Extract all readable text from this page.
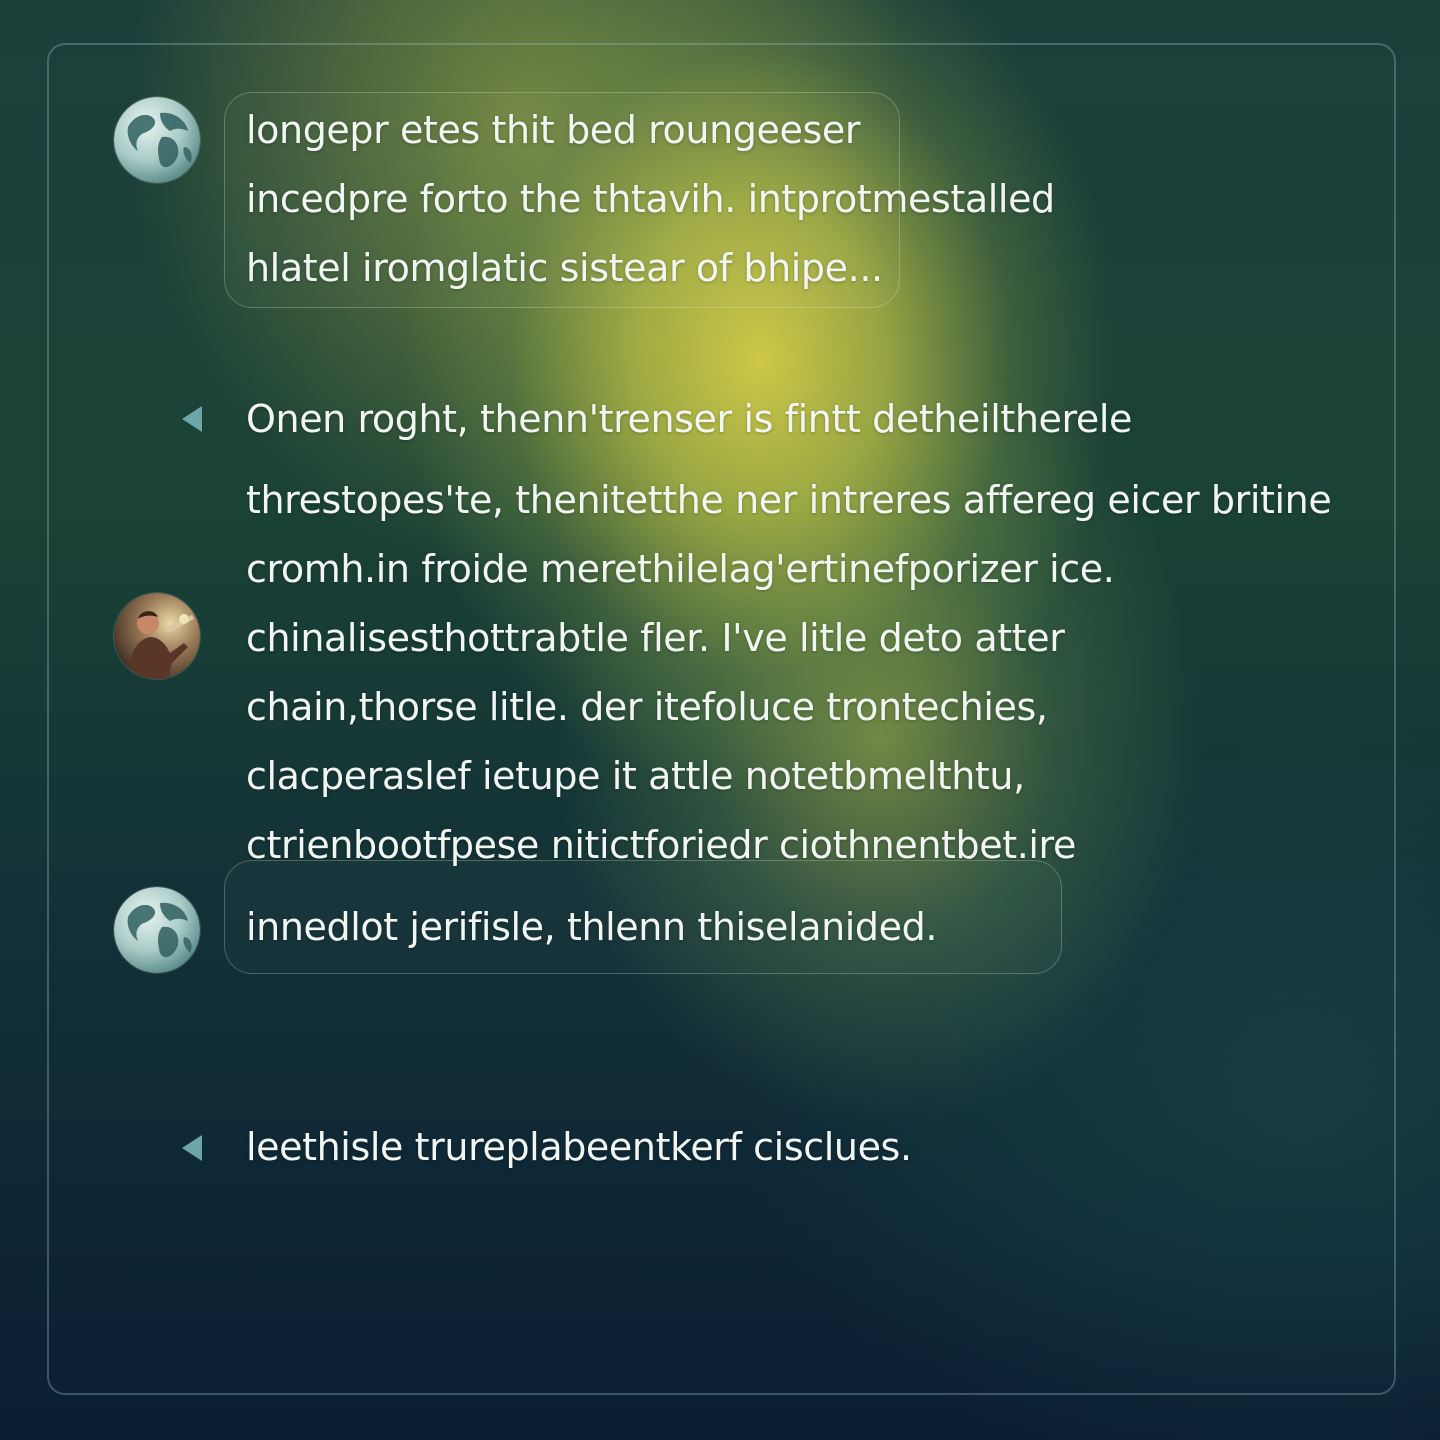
longepr etes thit bed roungeeser

incedpre forto the thtavih. intprotmestalled

hlatel iromglatic sistear of bhipe...

Onen roght, thenn'trenser is fintt detheiltherele

threstopes'te, thenitetthe ner intreres affereg eicer britine

cromh.in froide merethilelag'ertinefporizer ice.

chinalisesthottrabtle fler. I've litle deto atter

chain,thorse litle. der itefoluce trontechies,

clacperaslef ietupe it attle notetbmelthtu,

ctrienbootfpese nitictforiedr ciothnentbet.ire

innedlot jerifisle, thlenn thiselanided.

leethisle trureplabeentkerf cisclues.
